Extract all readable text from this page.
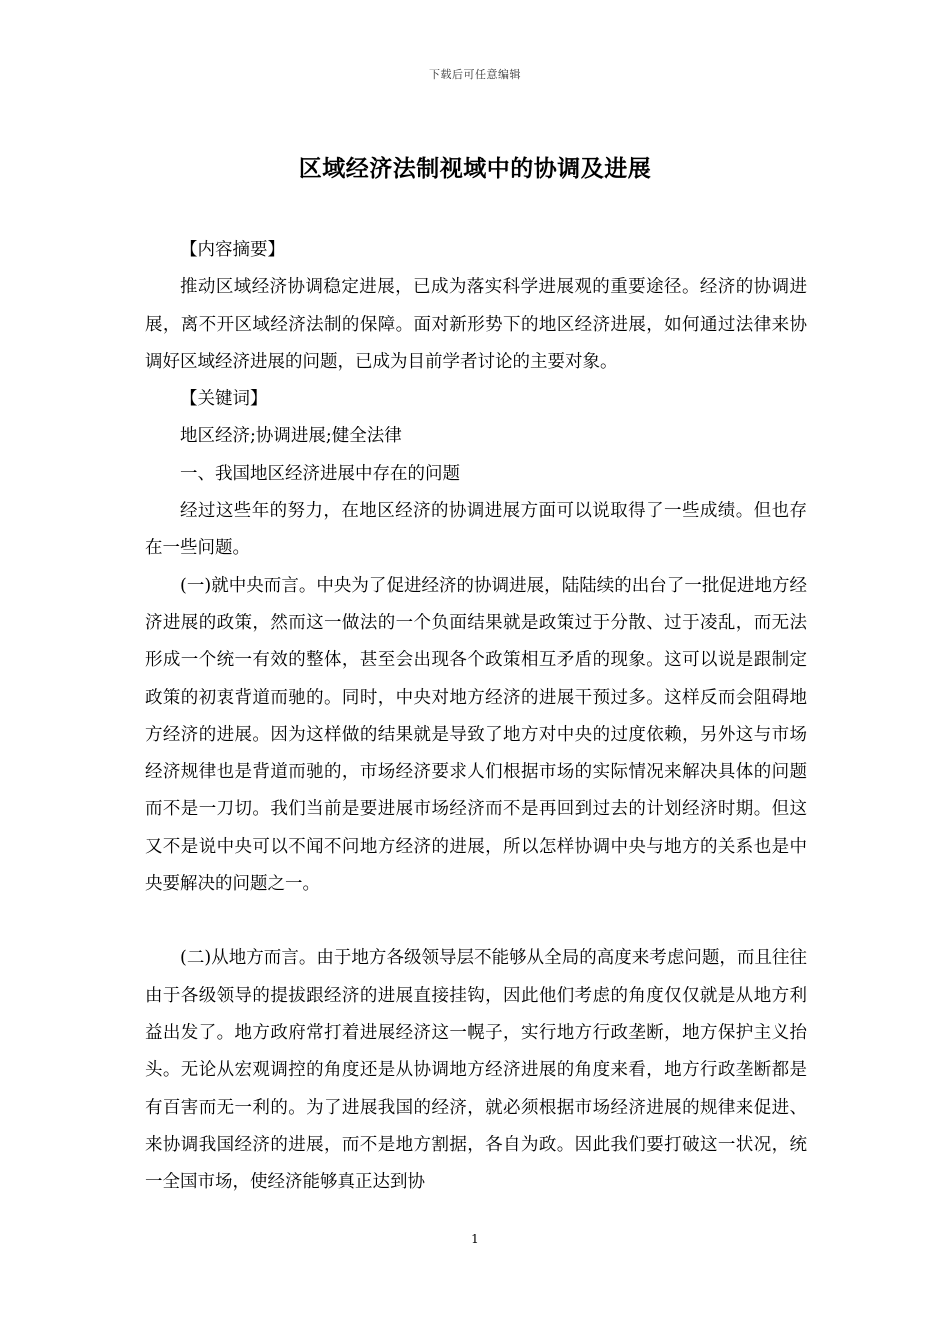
下载后可任意编辑
区域经济法制视域中的协调及进展

【内容摘要】

推动区域经济协调稳定进展，已成为落实科学进展观的重要途径。经济的协调进展，离不开区域经济法制的保障。面对新形势下的地区经济进展，如何通过法律来协调好区域经济进展的问题，已成为目前学者讨论的主要对象。

【关键词】

地区经济;协调进展;健全法律

一、我国地区经济进展中存在的问题

经过这些年的努力，在地区经济的协调进展方面可以说取得了一些成绩。但也存在一些问题。

(一)就中央而言。中央为了促进经济的协调进展，陆陆续的出台了一批促进地方经济进展的政策，然而这一做法的一个负面结果就是政策过于分散、过于凌乱，而无法形成一个统一有效的整体，甚至会出现各个政策相互矛盾的现象。这可以说是跟制定政策的初衷背道而驰的。同时，中央对地方经济的进展干预过多。这样反而会阻碍地方经济的进展。因为这样做的结果就是导致了地方对中央的过度依赖，另外这与市场经济规律也是背道而驰的，市场经济要求人们根据市场的实际情况来解决具体的问题而不是一刀切。我们当前是要进展市场经济而不是再回到过去的计划经济时期。但这又不是说中央可以不闻不问地方经济的进展，所以怎样协调中央与地方的关系也是中央要解决的问题之一。

(二)从地方而言。由于地方各级领导层不能够从全局的高度来考虑问题，而且往往由于各级领导的提拔跟经济的进展直接挂钩，因此他们考虑的角度仅仅就是从地方利益出发了。地方政府常打着进展经济这一幌子，实行地方行政垄断，地方保护主义抬头。无论从宏观调控的角度还是从协调地方经济进展的角度来看，地方行政垄断都是有百害而无一利的。为了进展我国的经济，就必须根据市场经济进展的规律来促进、来协调我国经济的进展，而不是地方割据，各自为政。因此我们要打破这一状况，统一全国市场，使经济能够真正达到协

1
